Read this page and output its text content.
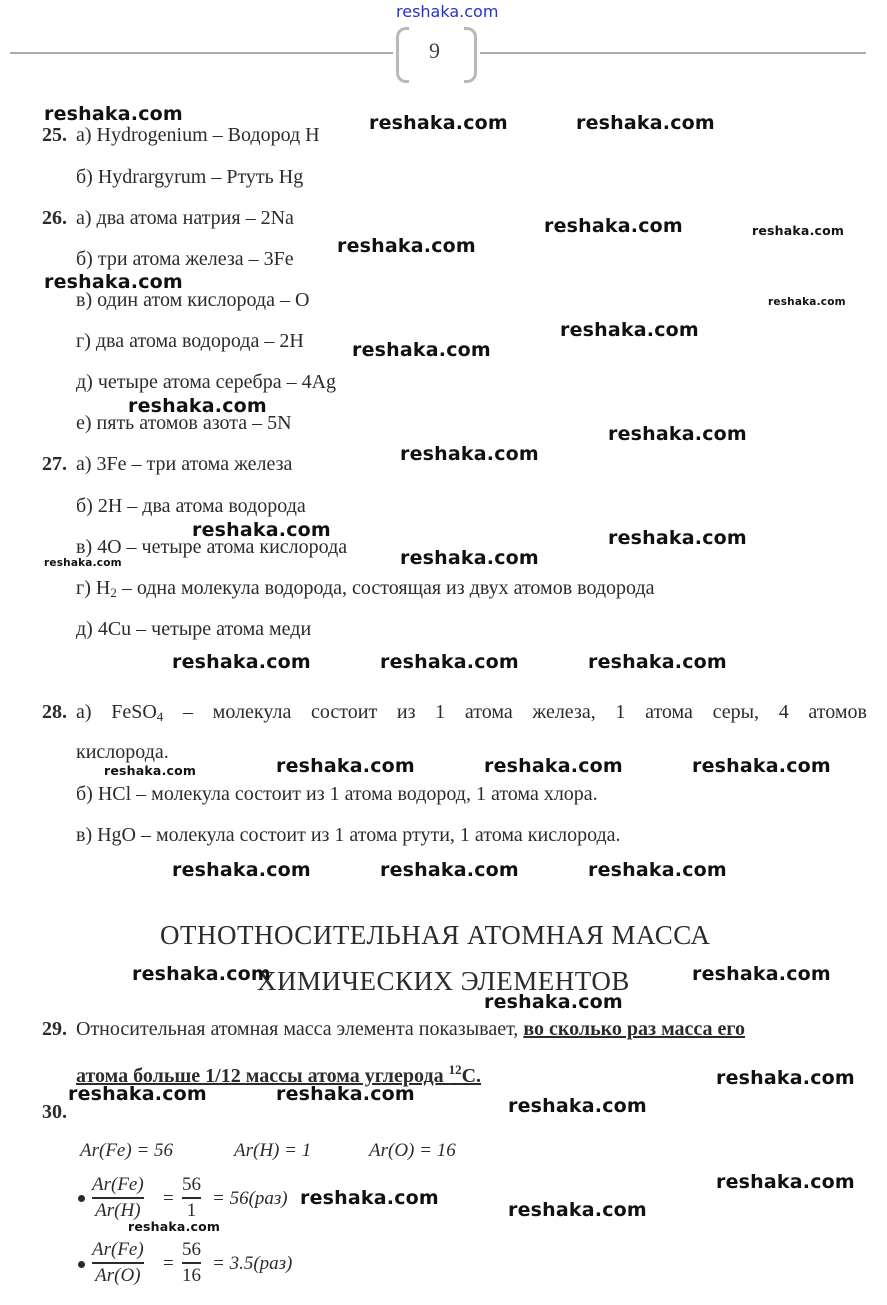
reshaka.com
9
25. а) Hydrogenium – Водород H
б) Hydrargyrum – Ртуть Hg
26. а) два атома натрия – 2Na
б) три атома железа – 3Fe
в) один атом кислорода – O
г) два атома водорода – 2H
д) четыре атома серебра – 4Ag
е) пять атомов азота – 5N
27. а) 3Fe – три атома железа
б) 2H – два атома водорода
в) 4O – четыре атома кислорода
г) $H_2$ – одна молекула водорода, состоящая из двух атомов водорода
д) 4Cu – четыре атома меди
28. а) FeSO$_4$ – молекула состоит из 1 атома железа, 1 атома серы, 4 атомов
кислорода.
б) HCl – молекула состоит из 1 атома водород, 1 атома хлора.
в) HgO – молекула состоит из 1 атома ртути, 1 атома кислорода.
ОТНОТНОСИТЕЛЬНАЯ АТОМНАЯ МАССА
ХИМИЧЕСКИХ ЭЛЕМЕНТОВ
29. Относительная атомная масса элемента показывает, во сколько раз масса его
атома больше 1/12 массы атома углерода $^{12}$C.
30.
Ar(Fe) = 56	Ar(H) = 1	Ar(O) = 16
Ar(Fe)
Ar(H)
=
56
1
= 56(раз)
Ar(Fe)
Ar(O)
=
56
16
= 3.5(раз)
reshaka.com	reshaka.com	reshaka.com
reshaka.com	reshaka.com
reshaka.com
reshaka.com
reshaka.com
reshaka.com
reshaka.com
reshaka.com
reshaka.com
reshaka.com
reshaka.com	reshaka.com
reshaka.com
reshaka.com
reshaka.com	reshaka.com	reshaka.com
reshaka.com	reshaka.com	reshaka.com	reshaka.com
reshaka.com	reshaka.com	reshaka.com
reshaka.com	reshaka.com
reshaka.com
reshaka.com
reshaka.com	reshaka.com
reshaka.com
reshaka.com
reshaka.com
reshaka.com
reshaka.com
